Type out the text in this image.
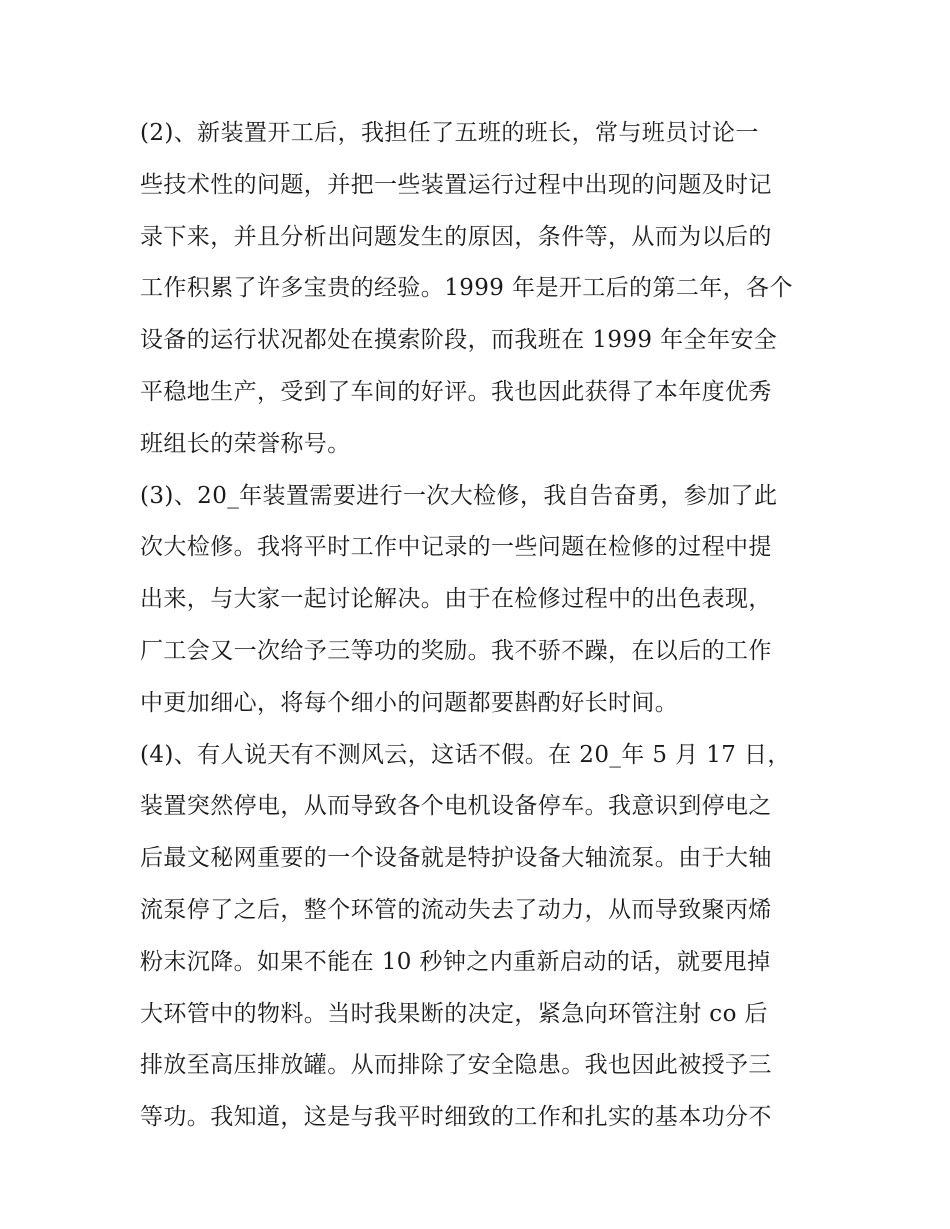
(2)、新装置开工后，我担任了五班的班长，常与班员讨论一
些技术性的问题，并把一些装置运行过程中出现的问题及时记
录下来，并且分析出问题发生的原因，条件等，从而为以后的
工作积累了许多宝贵的经验。1999 年是开工后的第二年，各个
设备的运行状况都处在摸索阶段，而我班在 1999 年全年安全
平稳地生产，受到了车间的好评。我也因此获得了本年度优秀
班组长的荣誉称号。
(3)、20_年装置需要进行一次大检修，我自告奋勇，参加了此
次大检修。我将平时工作中记录的一些问题在检修的过程中提
出来，与大家一起讨论解决。由于在检修过程中的出色表现，
厂工会又一次给予三等功的奖励。我不骄不躁，在以后的工作
中更加细心，将每个细小的问题都要斟酌好长时间。
(4)、有人说天有不测风云，这话不假。在 20_年 5 月 17 日，
装置突然停电，从而导致各个电机设备停车。我意识到停电之
后最文秘网重要的一个设备就是特护设备大轴流泵。由于大轴
流泵停了之后，整个环管的流动失去了动力，从而导致聚丙烯
粉末沉降。如果不能在 10 秒钟之内重新启动的话，就要甩掉
大环管中的物料。当时我果断的决定，紧急向环管注射 co 后
排放至高压排放罐。从而排除了安全隐患。我也因此被授予三
等功。我知道，这是与我平时细致的工作和扎实的基本功分不
